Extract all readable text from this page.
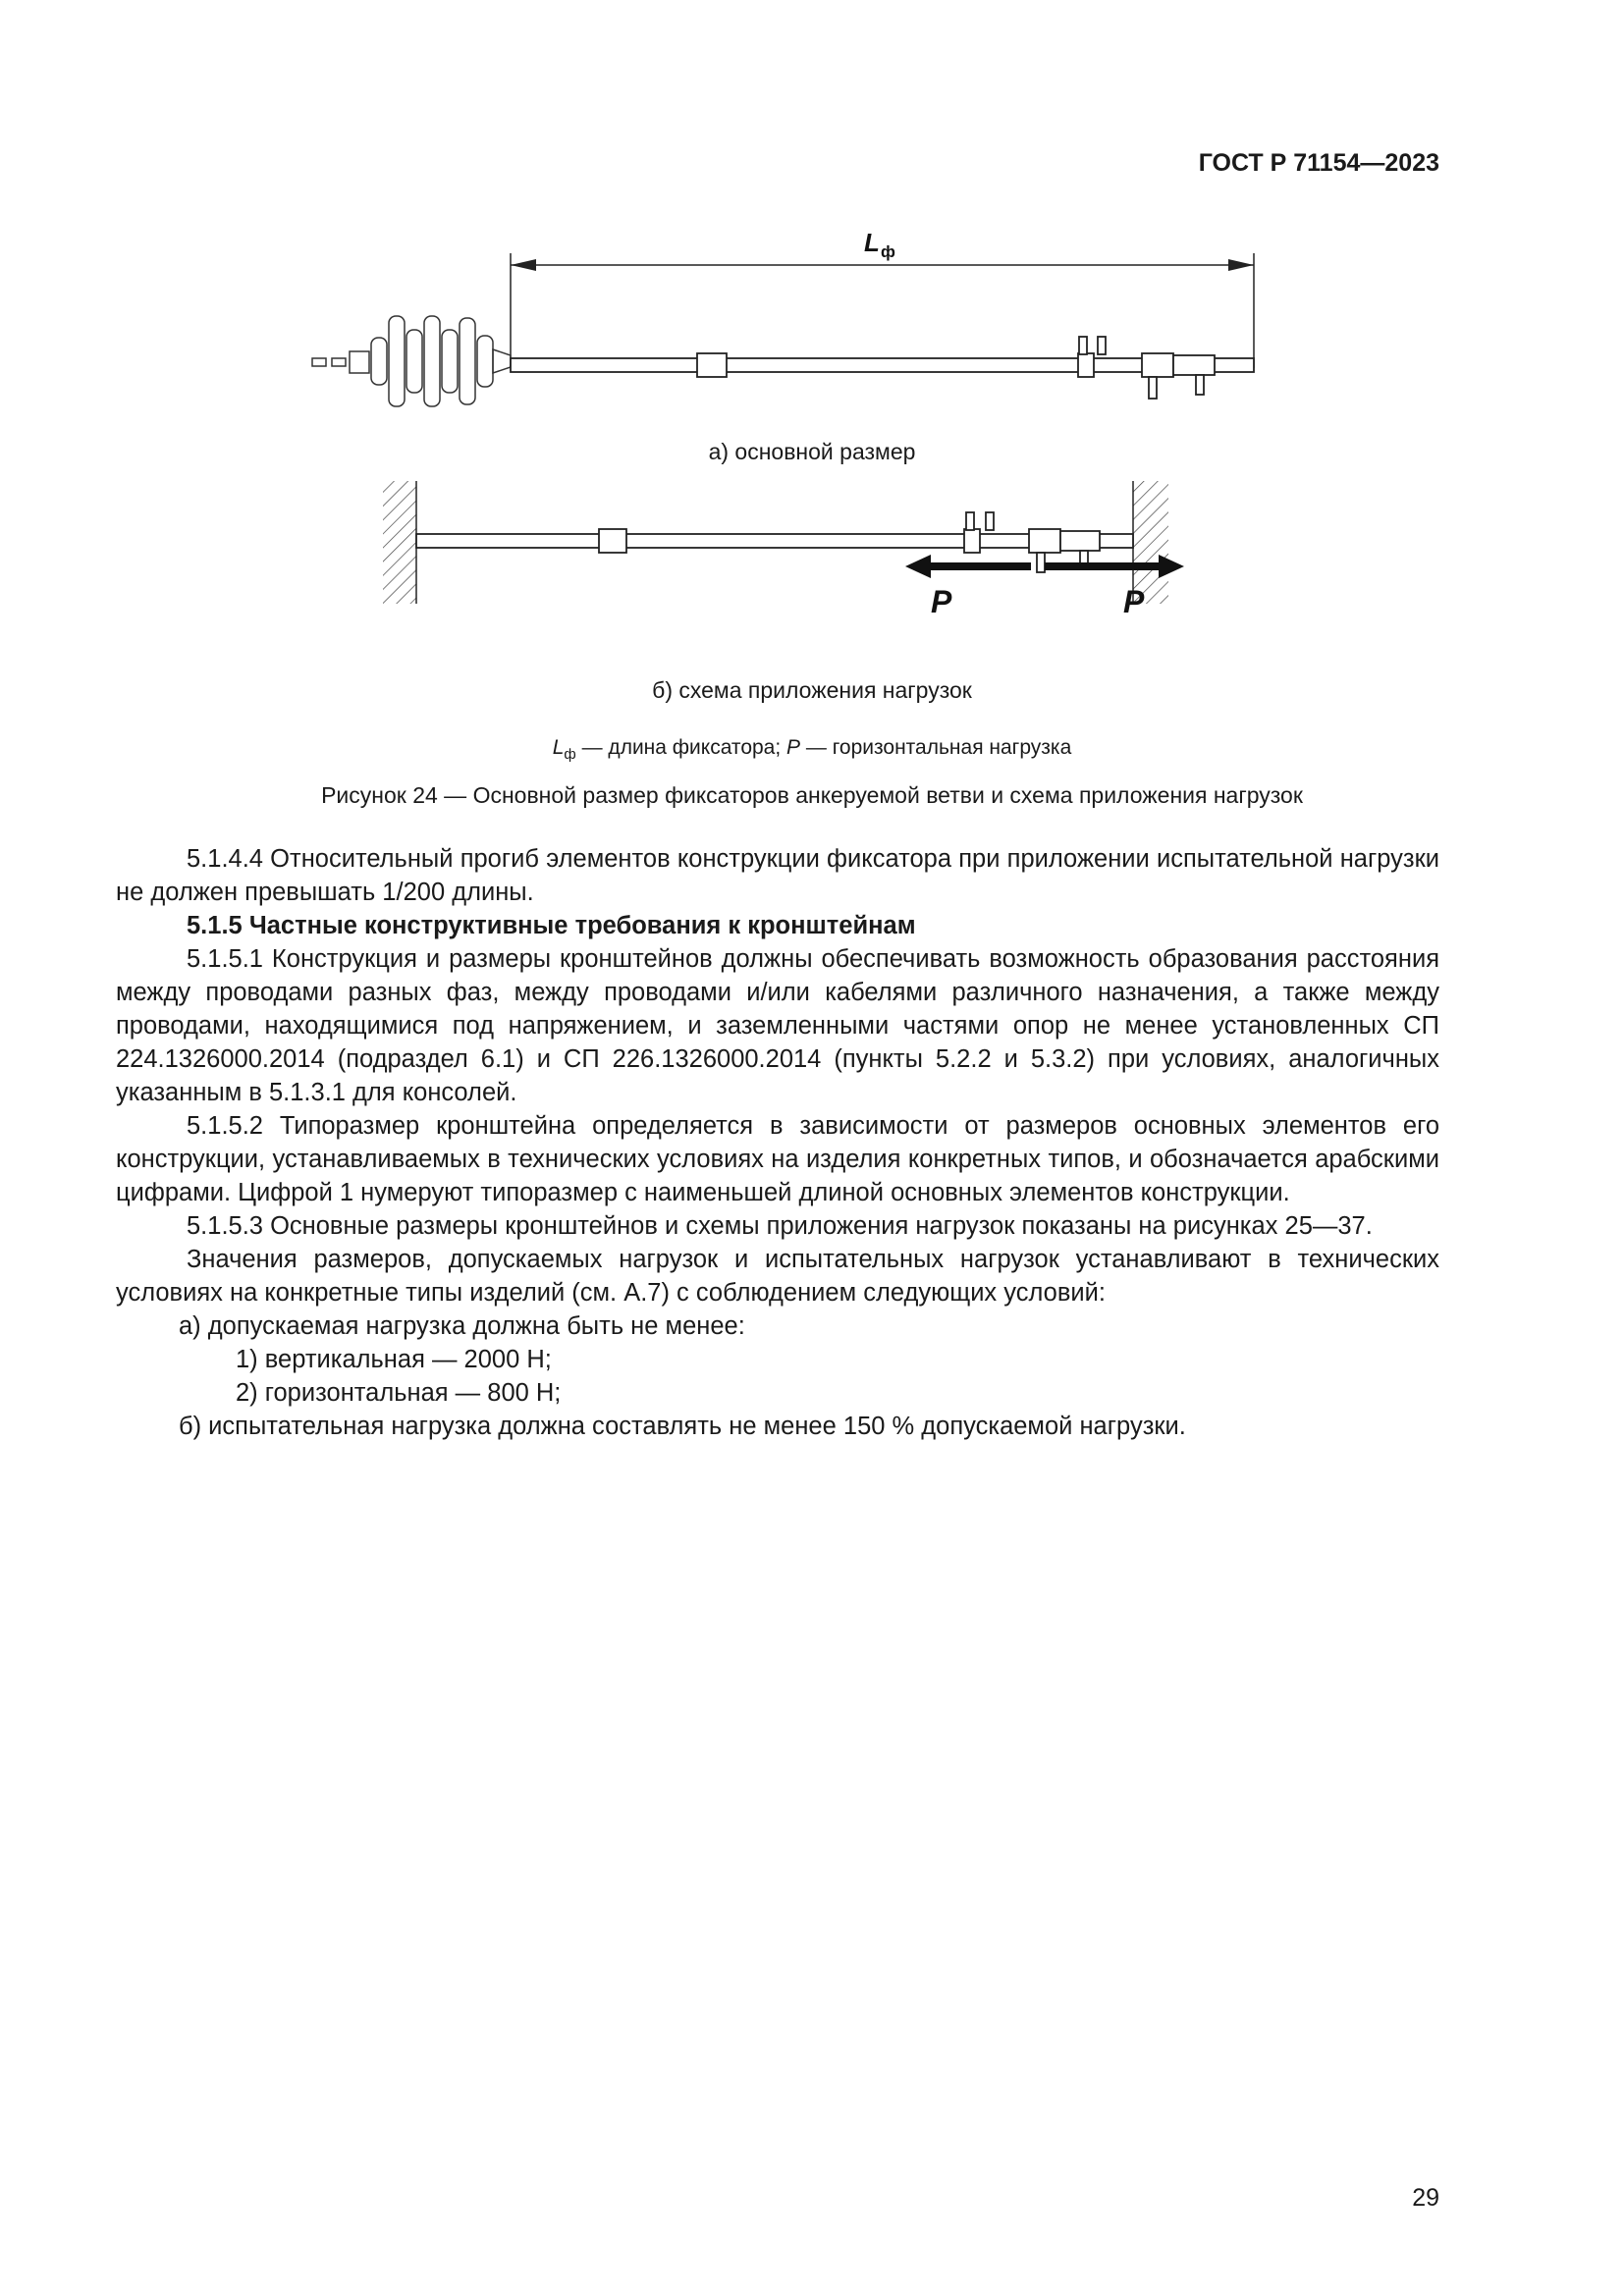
ГОСТ Р 71154—2023
L ф
P	P
а) основной размер
б) схема приложения нагрузок
$L_ф$ — длина фиксатора; P — горизонтальная нагрузка
Рисунок 24 — Основной размер фиксаторов анкеруемой ветви и схема приложения нагрузок

5.1.4.4 Относительный прогиб элементов конструкции фиксатора при приложении испытательной нагрузки не должен превышать 1/200 длины.

5.1.5 Частные конструктивные требования к кронштейнам

5.1.5.1 Конструкция и размеры кронштейнов должны обеспечивать возможность образования расстояния между проводами разных фаз, между проводами и/или кабелями различного назначения, а также между проводами, находящимися под напряжением, и заземленными частями опор не менее установленных СП 224.1326000.2014 (подраздел 6.1) и СП 226.1326000.2014 (пункты 5.2.2 и 5.3.2) при условиях, аналогичных указанным в 5.1.3.1 для консолей.

5.1.5.2 Типоразмер кронштейна определяется в зависимости от размеров основных элементов его конструкции, устанавливаемых в технических условиях на изделия конкретных типов, и обозначается арабскими цифрами. Цифрой 1 нумеруют типоразмер с наименьшей длиной основных элементов конструкции.

5.1.5.3 Основные размеры кронштейнов и схемы приложения нагрузок показаны на рисунках 25—37.

Значения размеров, допускаемых нагрузок и испытательных нагрузок устанавливают в технических условиях на конкретные типы изделий (см. А.7) с соблюдением следующих условий:

а) допускаемая нагрузка должна быть не менее:

1) вертикальная — 2000 Н;

2) горизонтальная — 800 Н;

б) испытательная нагрузка должна составлять не менее 150 % допускаемой нагрузки.

29
